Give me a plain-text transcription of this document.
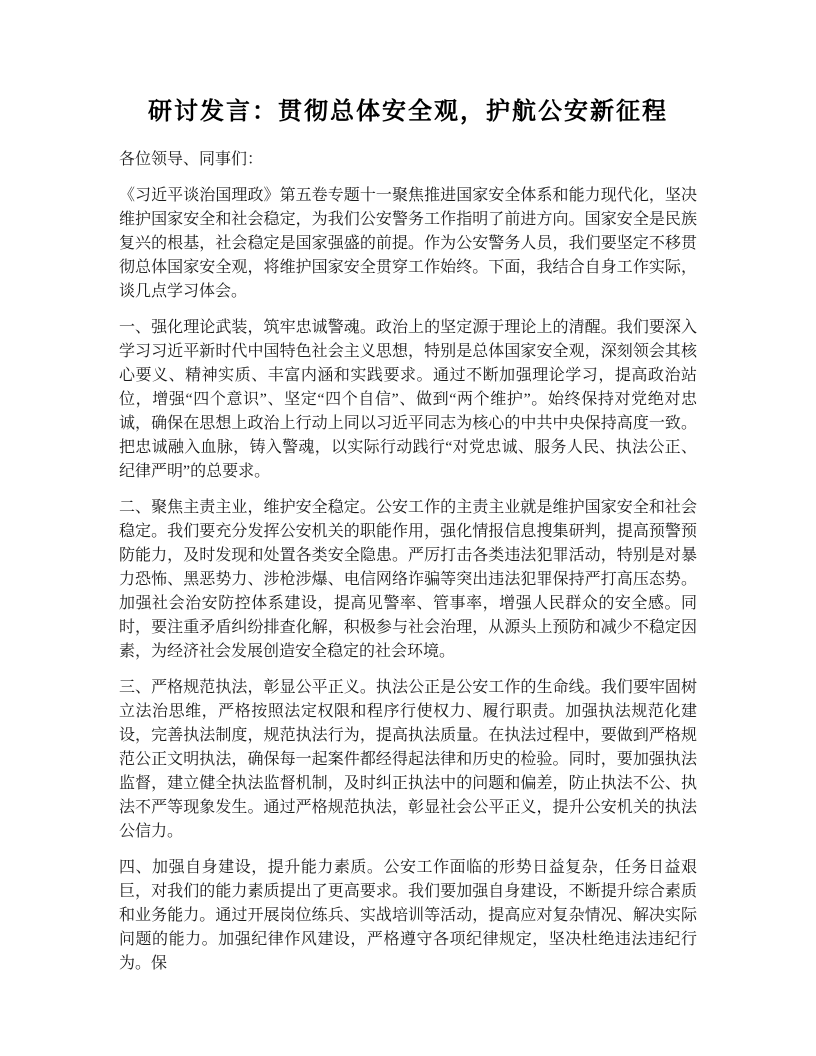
研讨发言：贯彻总体安全观，护航公安新征程

各位领导、同事们：

《习近平谈治国理政》第五卷专题十一聚焦推进国家安全体系和能力现代化，坚决维护国家安全和社会稳定，为我们公安警务工作指明了前进方向。国家安全是民族复兴的根基，社会稳定是国家强盛的前提。作为公安警务人员，我们要坚定不移贯彻总体国家安全观，将维护国家安全贯穿工作始终。下面，我结合自身工作实际，谈几点学习体会。

一、强化理论武装，筑牢忠诚警魂。政治上的坚定源于理论上的清醒。我们要深入学习习近平新时代中国特色社会主义思想，特别是总体国家安全观，深刻领会其核心要义、精神实质、丰富内涵和实践要求。通过不断加强理论学习，提高政治站位，增强“四个意识”、坚定“四个自信”、做到“两个维护”。始终保持对党绝对忠诚，确保在思想上政治上行动上同以习近平同志为核心的中共中央保持高度一致。把忠诚融入血脉，铸入警魂，以实际行动践行“对党忠诚、服务人民、执法公正、纪律严明”的总要求。

二、聚焦主责主业，维护安全稳定。公安工作的主责主业就是维护国家安全和社会稳定。我们要充分发挥公安机关的职能作用，强化情报信息搜集研判，提高预警预防能力，及时发现和处置各类安全隐患。严厉打击各类违法犯罪活动，特别是对暴力恐怖、黑恶势力、涉枪涉爆、电信网络诈骗等突出违法犯罪保持严打高压态势。加强社会治安防控体系建设，提高见警率、管事率，增强人民群众的安全感。同时，要注重矛盾纠纷排查化解，积极参与社会治理，从源头上预防和减少不稳定因素，为经济社会发展创造安全稳定的社会环境。

三、严格规范执法，彰显公平正义。执法公正是公安工作的生命线。我们要牢固树立法治思维，严格按照法定权限和程序行使权力、履行职责。加强执法规范化建设，完善执法制度，规范执法行为，提高执法质量。在执法过程中，要做到严格规范公正文明执法，确保每一起案件都经得起法律和历史的检验。同时，要加强执法监督，建立健全执法监督机制，及时纠正执法中的问题和偏差，防止执法不公、执法不严等现象发生。通过严格规范执法，彰显社会公平正义，提升公安机关的执法公信力。

四、加强自身建设，提升能力素质。公安工作面临的形势日益复杂，任务日益艰巨，对我们的能力素质提出了更高要求。我们要加强自身建设，不断提升综合素质和业务能力。通过开展岗位练兵、实战培训等活动，提高应对复杂情况、解决实际问题的能力。加强纪律作风建设，严格遵守各项纪律规定，坚决杜绝违法违纪行为。保
